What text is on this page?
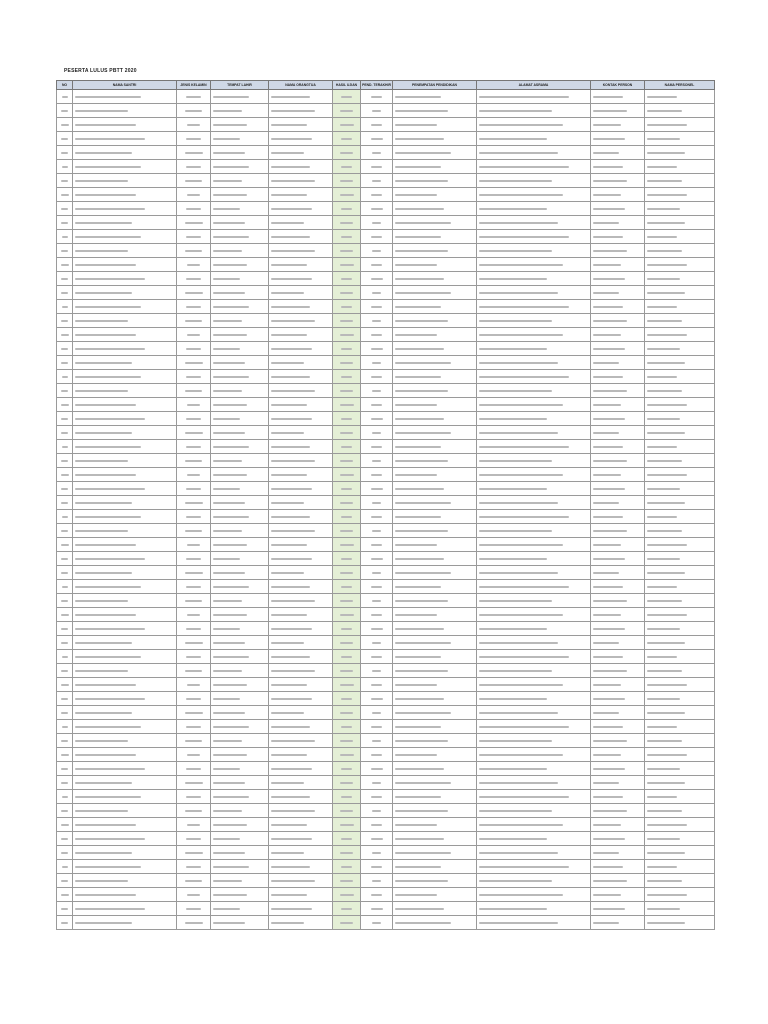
PESERTA LULUS PBTT 2020
NO	NAMA SANTRI	JENIS KELAMIN	TEMPAT LAHIR	NAMA ORANGTUA	HASIL UJIAN	PEND. TERAKHIR	PENEMPATAN PENDIDIKAN	ALAMAT ASRAMA	KONTAK PERSON	NAMA PERSONEL
